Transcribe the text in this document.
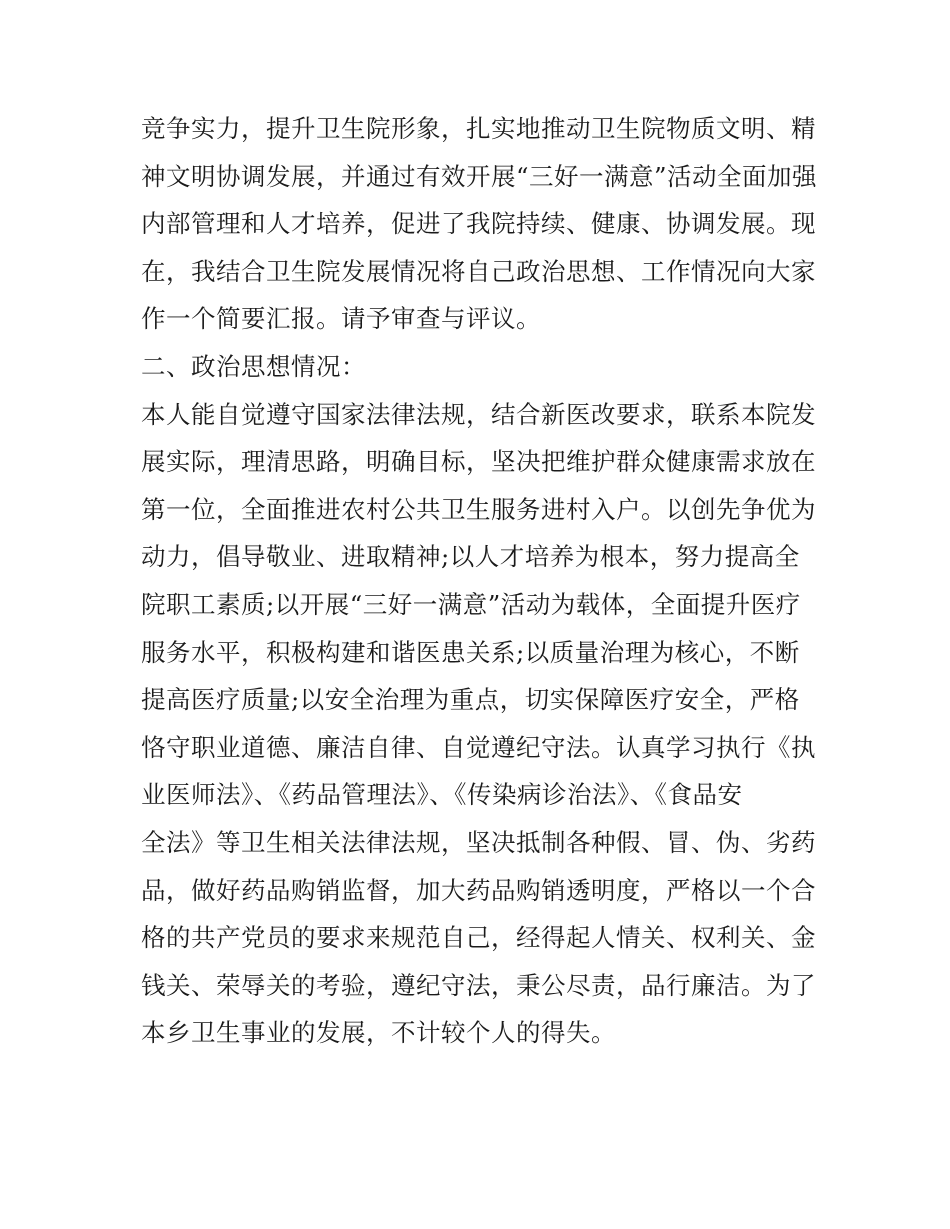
竞争实力，提升卫生院形象，扎实地推动卫生院物质文明、精
神文明协调发展，并通过有效开展“三好一满意”活动全面加强
内部管理和人才培养，促进了我院持续、健康、协调发展。现
在，我结合卫生院发展情况将自己政治思想、工作情况向大家
作一个简要汇报。请予审查与评议。
二、政治思想情况：
本人能自觉遵守国家法律法规，结合新医改要求，联系本院发
展实际，理清思路，明确目标，坚决把维护群众健康需求放在
第一位，全面推进农村公共卫生服务进村入户。以创先争优为
动力，倡导敬业、进取精神;以人才培养为根本，努力提高全
院职工素质;以开展“三好一满意”活动为载体，全面提升医疗
服务水平，积极构建和谐医患关系;以质量治理为核心，不断
提高医疗质量;以安全治理为重点，切实保障医疗安全，严格
恪守职业道德、廉洁自律、自觉遵纪守法。认真学习执行《执
业医师法》、《药品管理法》、《传染病诊治法》、《食品安
全法》等卫生相关法律法规，坚决抵制各种假、冒、伪、劣药
品，做好药品购销监督，加大药品购销透明度，严格以一个合
格的共产党员的要求来规范自己，经得起人情关、权利关、金
钱关、荣辱关的考验，遵纪守法，秉公尽责，品行廉洁。为了
本乡卫生事业的发展，不计较个人的得失。
